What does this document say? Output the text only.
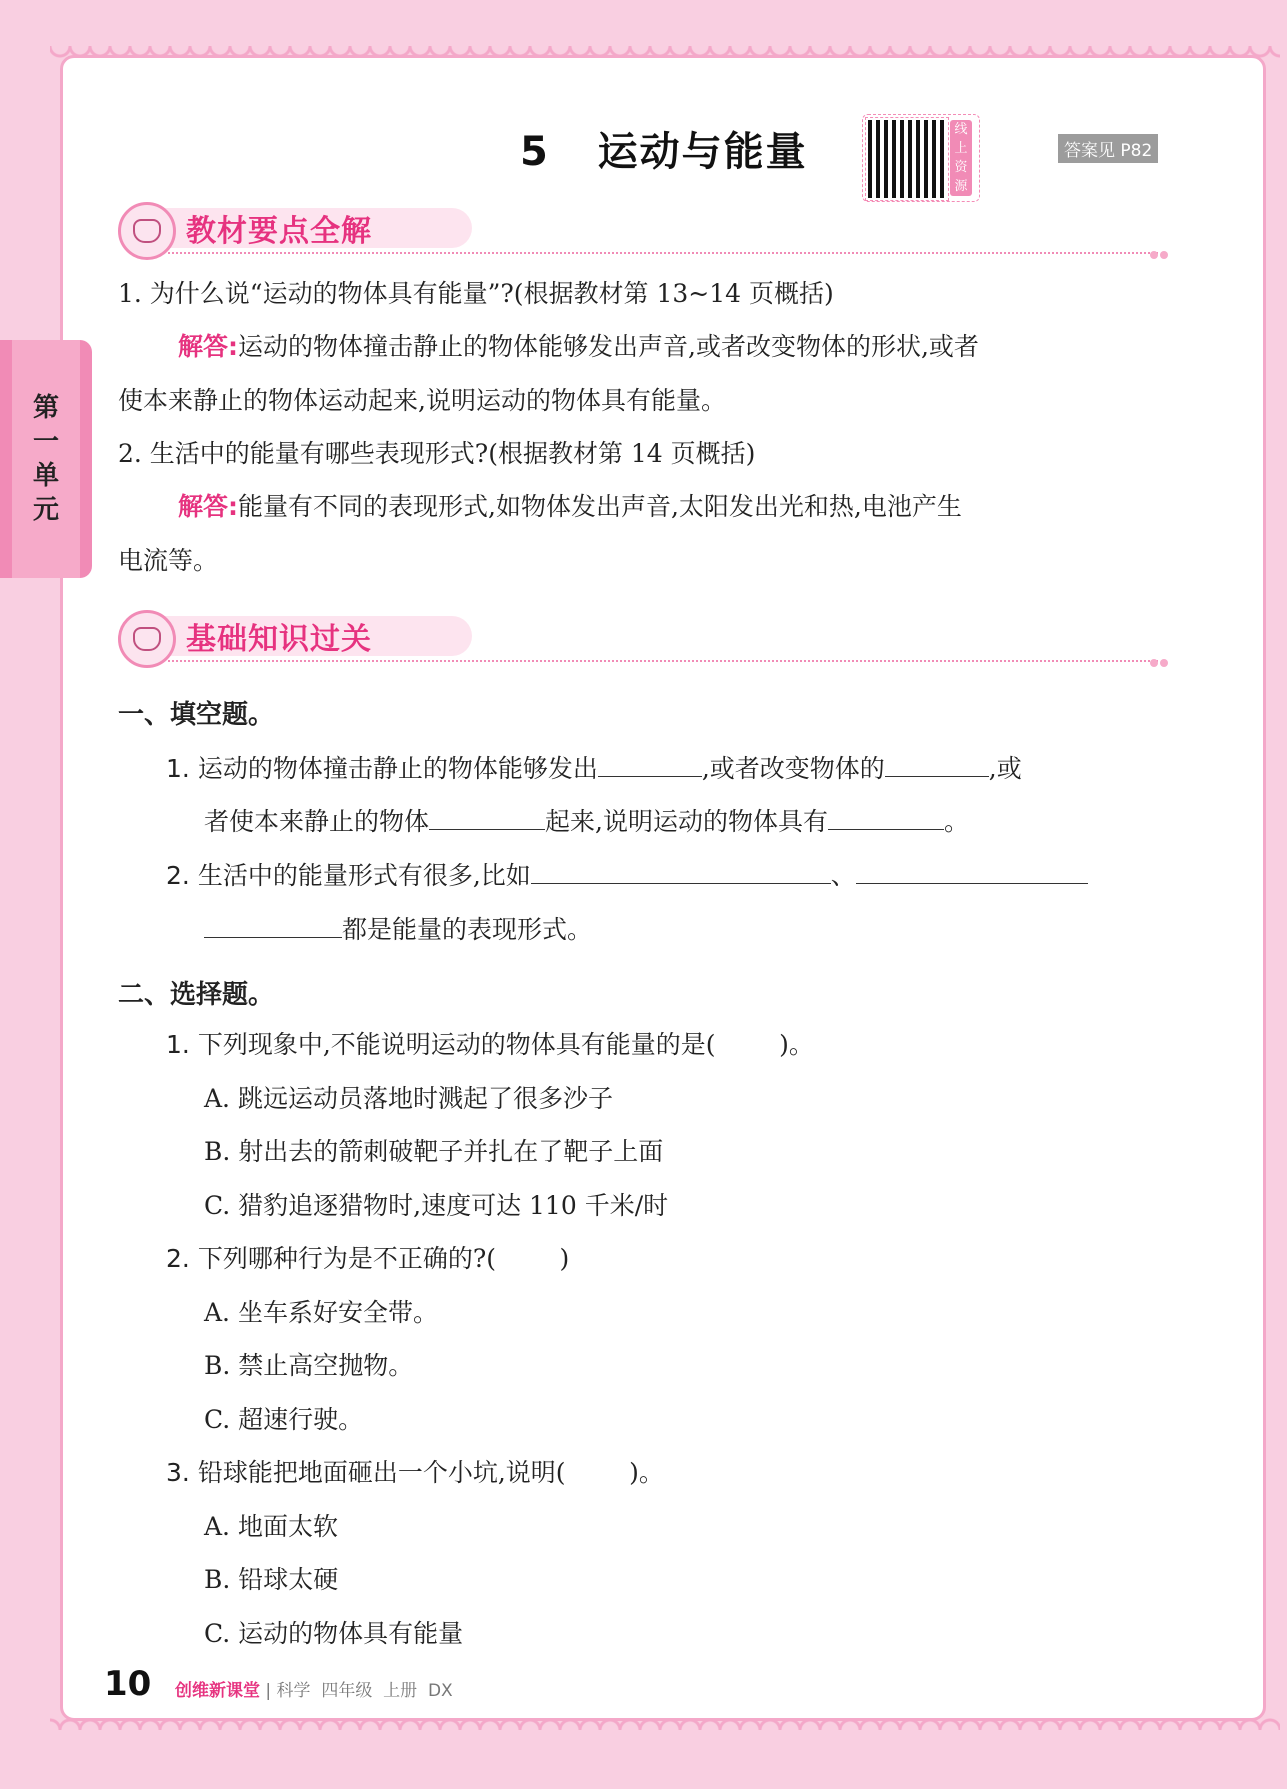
第
一
单
元
5   运动与能量	线
上
资
源
答案见 P82
教材要点全解
1. 为什么说“运动的物体具有能量”?(根据教材第 13~14 页概括)
解答:运动的物体撞击静止的物体能够发出声音,或者改变物体的形状,或者
使本来静止的物体运动起来,说明运动的物体具有能量。
2. 生活中的能量有哪些表现形式?(根据教材第 14 页概括)
解答:能量有不同的表现形式,如物体发出声音,太阳发出光和热,电池产生
电流等。
基础知识过关
一、填空题。
1. 运动的物体撞击静止的物体能够发出	,或者改变物体的	,或
者使本来静止的物体	起来,说明运动的物体具有	。
2. 生活中的能量形式有很多,比如	、
都是能量的表现形式。
二、选择题。
1. 下列现象中,不能说明运动的物体具有能量的是(        )。
A. 跳远运动员落地时溅起了很多沙子
B. 射出去的箭刺破靶子并扎在了靶子上面
C. 猎豹追逐猎物时,速度可达 110 千米/时
2. 下列哪种行为是不正确的?(        )
A. 坐车系好安全带。
B. 禁止高空抛物。
C. 超速行驶。
3. 铅球能把地面砸出一个小坑,说明(        )。
A. 地面太软
B. 铅球太硬
C. 运动的物体具有能量
10 创维新课堂 | 科学  四年级  上册  DX
